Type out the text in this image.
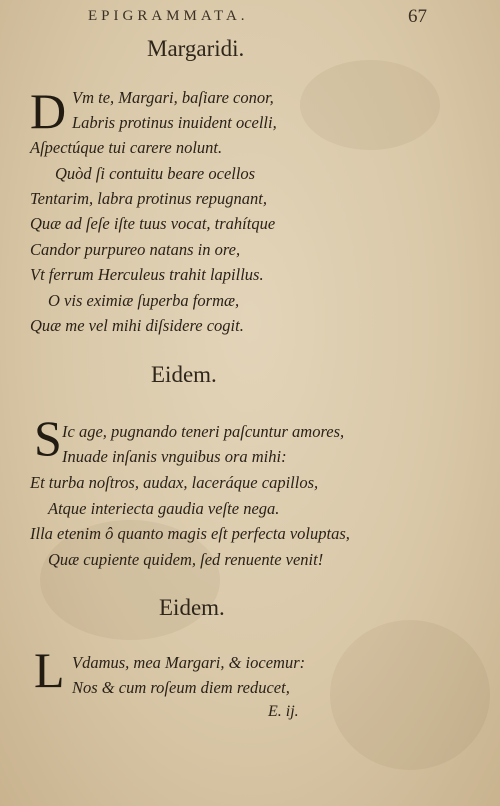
EPIGRAMMATA.	67
Margaridi.
D Vm te, Margari, baſiare conor,
Labris protinus inuident ocelli,
Aſpectúque tui carere nolunt.
Quòd ſi contuitu beare ocellos
Tentarim, labra protinus repugnant,
Quæ ad ſeſe iſte tuus vocat, trahítque
Candor purpureo natans in ore,
Vt ferrum Herculeus trahit lapillus.
O vis eximiæ ſuperba formæ,
Quæ me vel mihi diſsidere cogit.
Eidem.
S Ic age, pugnando teneri paſcuntur amores,
Inuade inſanis vnguibus ora mihi:
Et turba noſtros, audax, laceráque capillos,
Atque interiecta gaudia veſte nega.
Illa etenim ô quanto magis eſt perfecta voluptas,
Quæ cupiente quidem, ſed renuente venit!
Eidem.
L Vdamus, mea Margari, & iocemur:
Nos & cum roſeum diem reducet,
E. ij.
